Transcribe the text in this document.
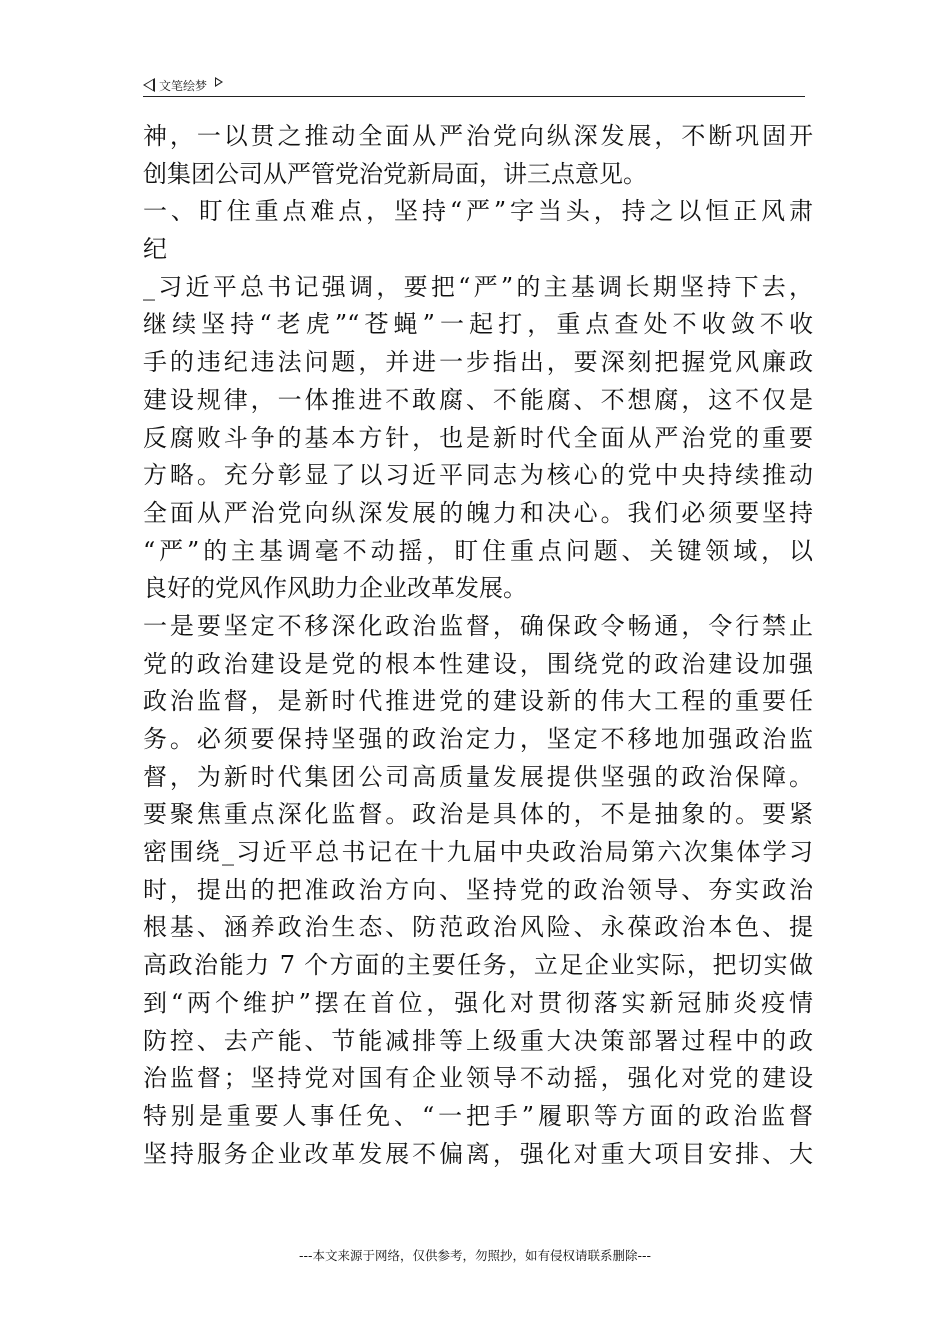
文笔绘梦
神，一以贯之推动全面从严治党向纵深发展，不断巩固开
创集团公司从严管党治党新局面，讲三点意见。
一、盯住重点难点，坚持“严”字当头，持之以恒正风肃
纪
_习近平总书记强调，要把“严”的主基调长期坚持下去，
继续坚持“老虎”“苍蝇”一起打，重点查处不收敛不收
手的违纪违法问题，并进一步指出，要深刻把握党风廉政
建设规律，一体推进不敢腐、不能腐、不想腐，这不仅是
反腐败斗争的基本方针，也是新时代全面从严治党的重要
方略。充分彰显了以习近平同志为核心的党中央持续推动
全面从严治党向纵深发展的魄力和决心。我们必须要坚持
“严”的主基调毫不动摇，盯住重点问题、关键领域，以
良好的党风作风助力企业改革发展。
一是要坚定不移深化政治监督，确保政令畅通，令行禁止
党的政治建设是党的根本性建设，围绕党的政治建设加强
政治监督，是新时代推进党的建设新的伟大工程的重要任
务。必须要保持坚强的政治定力，坚定不移地加强政治监
督，为新时代集团公司高质量发展提供坚强的政治保障。
要聚焦重点深化监督。政治是具体的，不是抽象的。要紧
密围绕_习近平总书记在十九届中央政治局第六次集体学习
时，提出的把准政治方向、坚持党的政治领导、夯实政治
根基、涵养政治生态、防范政治风险、永葆政治本色、提
高政治能力 7 个方面的主要任务，立足企业实际，把切实做
到“两个维护”摆在首位，强化对贯彻落实新冠肺炎疫情
防控、去产能、节能减排等上级重大决策部署过程中的政
治监督；坚持党对国有企业领导不动摇，强化对党的建设
特别是重要人事任免、“一把手”履职等方面的政治监督
坚持服务企业改革发展不偏离，强化对重大项目安排、大
---本文来源于网络，仅供参考，勿照抄，如有侵权请联系删除---
